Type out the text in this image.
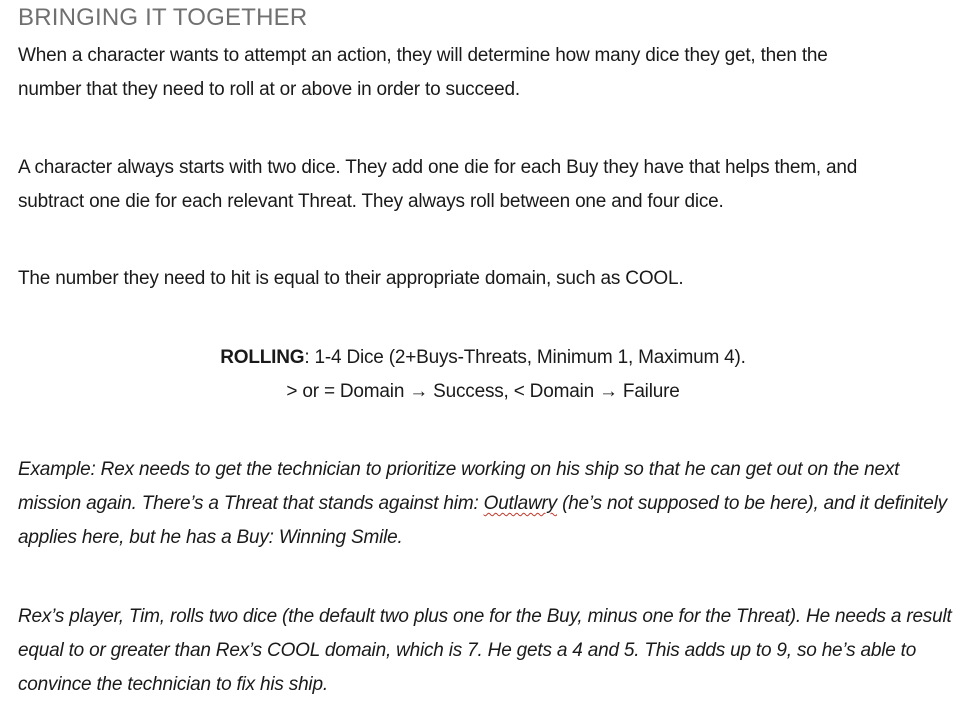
BRINGING IT TOGETHER
When a character wants to attempt an action, they will determine how many dice they get, then the
number that they need to roll at or above in order to succeed.
A character always starts with two dice. They add one die for each Buy they have that helps them, and
subtract one die for each relevant Threat. They always roll between one and four dice.
The number they need to hit is equal to their appropriate domain, such as COOL.
ROLLING: 1-4 Dice (2+Buys-Threats, Minimum 1, Maximum 4).
> or = Domain → Success, < Domain → Failure
Example: Rex needs to get the technician to prioritize working on his ship so that he can get out on the next
mission again. There’s a Threat that stands against him: Outlawry (he’s not supposed to be here), and it definitely
applies here, but he has a Buy: Winning Smile.
Rex’s player, Tim, rolls two dice (the default two plus one for the Buy, minus one for the Threat). He needs a result
equal to or greater than Rex’s COOL domain, which is 7. He gets a 4 and 5. This adds up to 9, so he’s able to
convince the technician to fix his ship.
